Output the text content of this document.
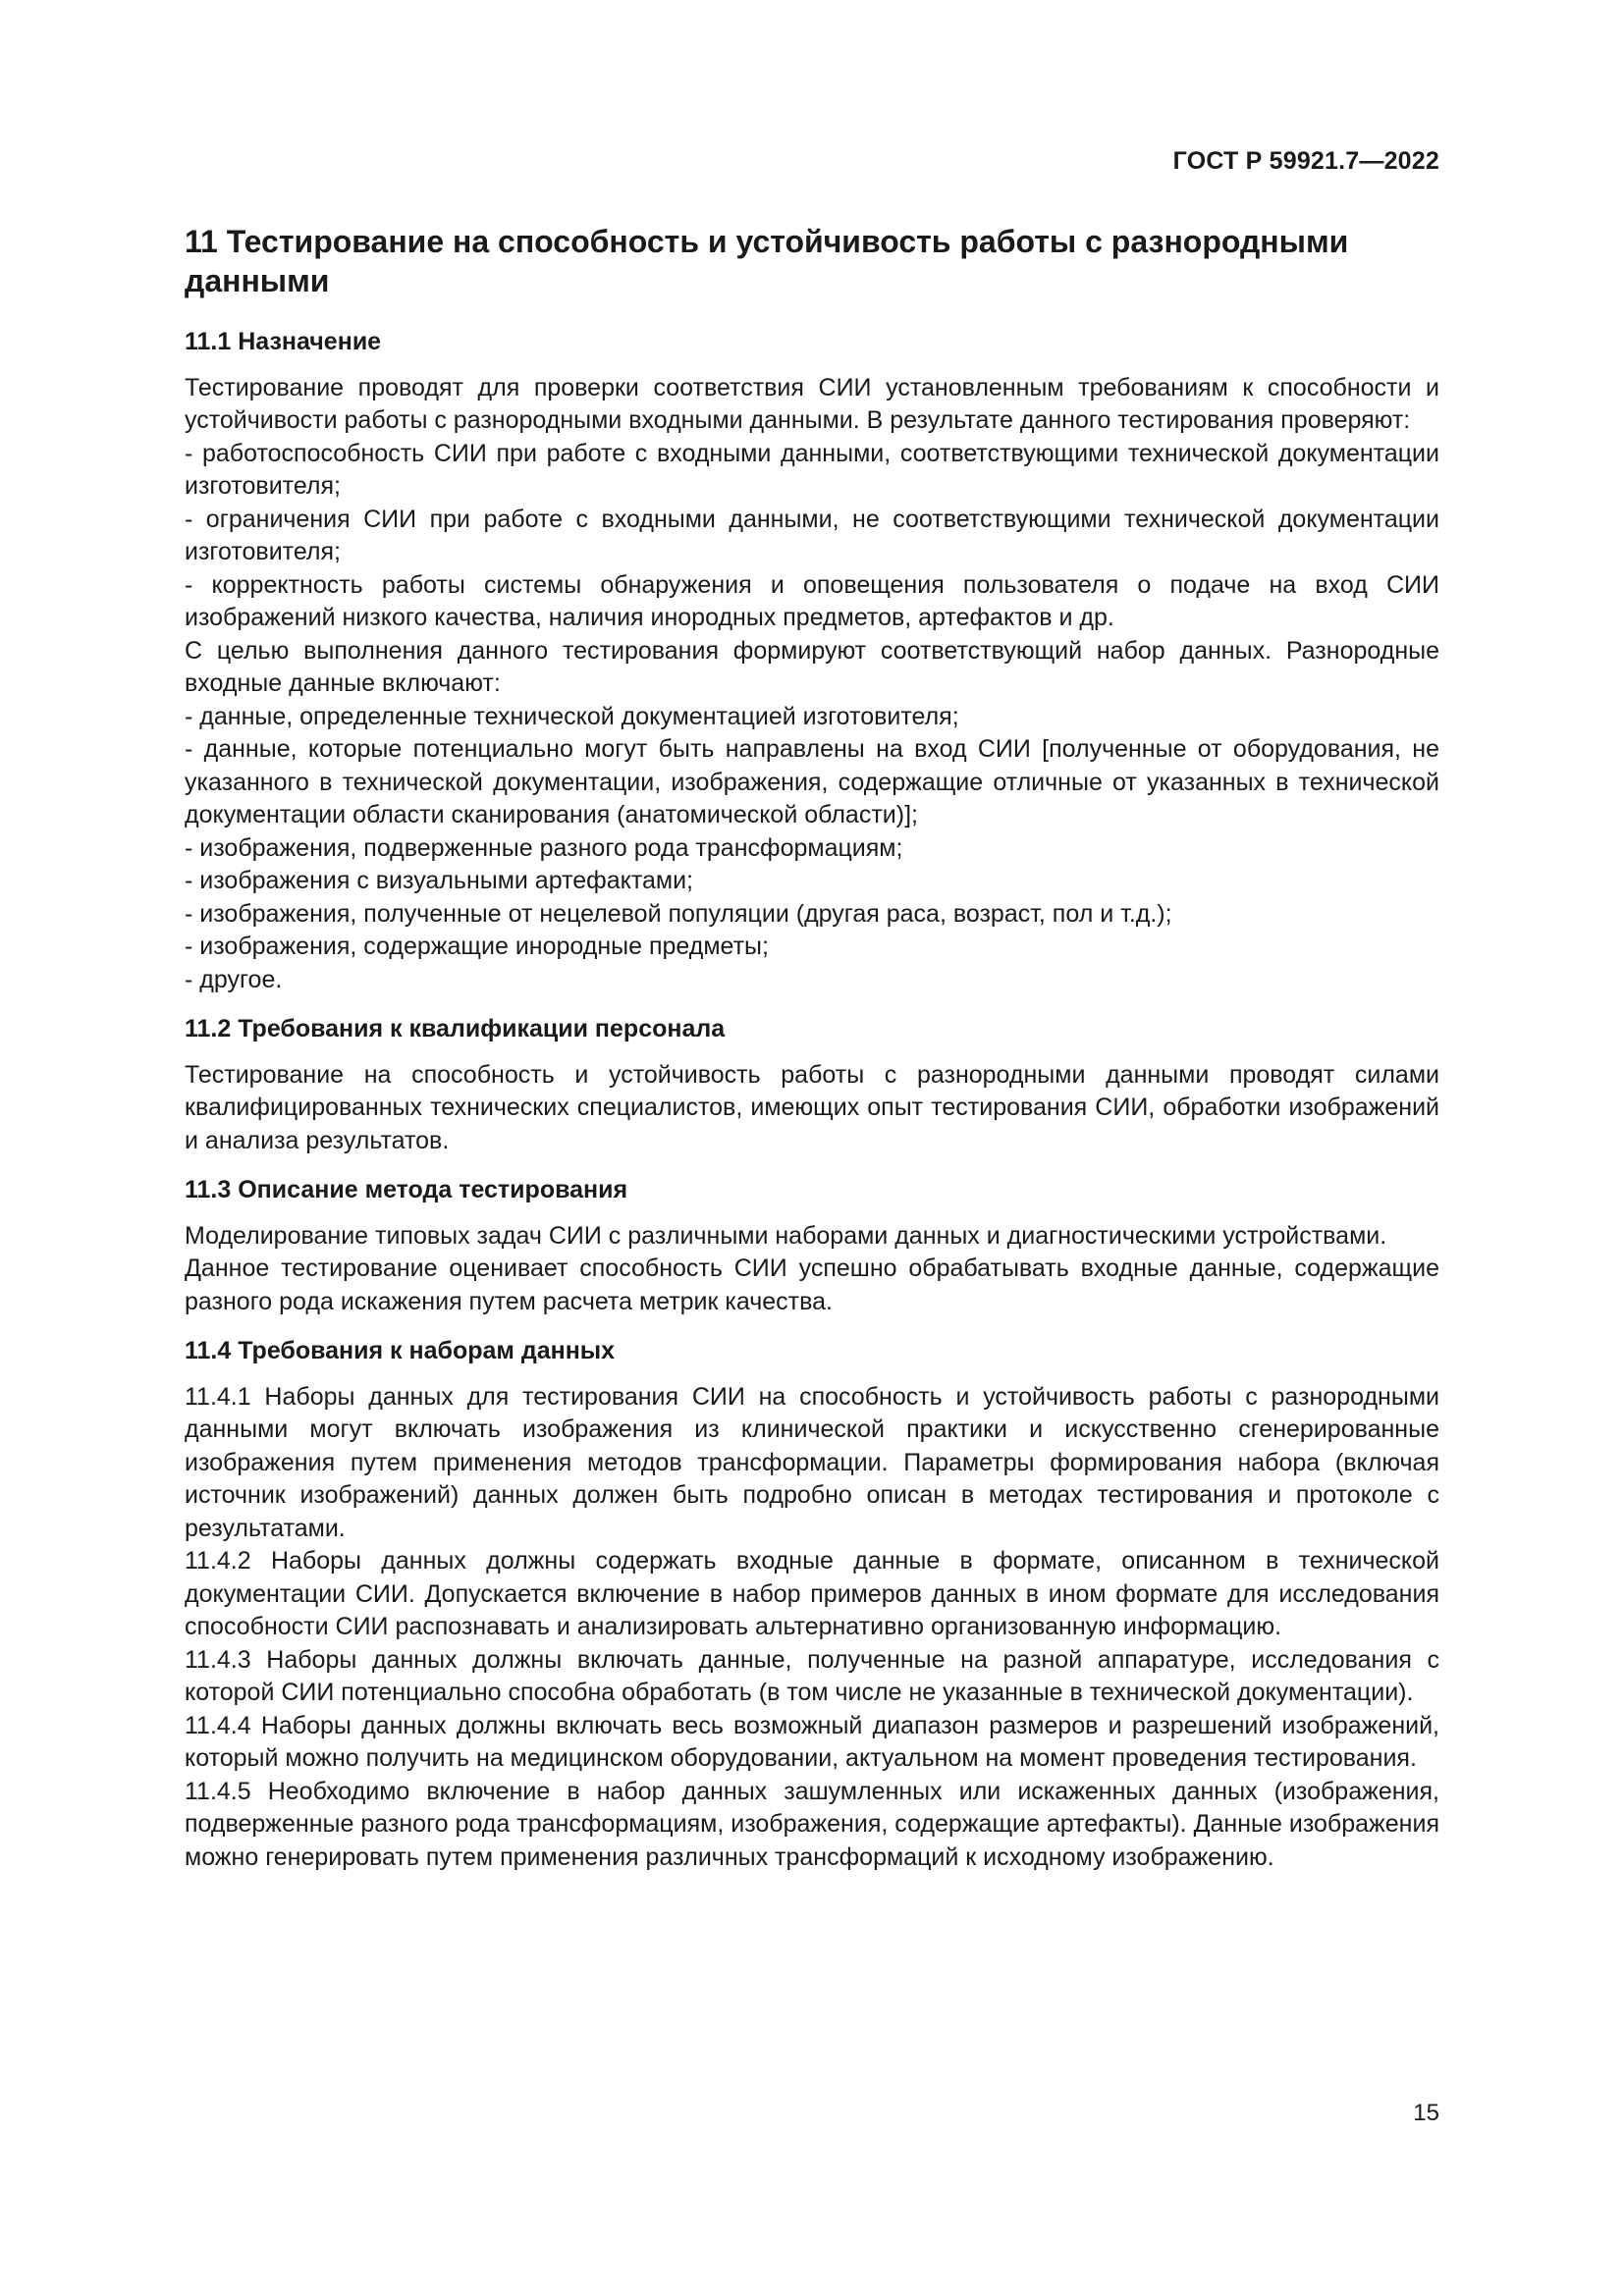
ГОСТ Р 59921.7—2022
11 Тестирование на способность и устойчивость работы с разнородными данными
11.1 Назначение

Тестирование проводят для проверки соответствия СИИ установленным требованиям к способности и устойчивости работы с разнородными входными данными. В результате данного тестирования проверяют:

- работоспособность СИИ при работе с входными данными, соответствующими технической документации изготовителя;

- ограничения СИИ при работе с входными данными, не соответствующими технической документации изготовителя;

- корректность работы системы обнаружения и оповещения пользователя о подаче на вход СИИ изображений низкого качества, наличия инородных предметов, артефактов и др.

С целью выполнения данного тестирования формируют соответствующий набор данных. Разнородные входные данные включают:

- данные, определенные технической документацией изготовителя;

- данные, которые потенциально могут быть направлены на вход СИИ [полученные от оборудования, не указанного в технической документации, изображения, содержащие отличные от указанных в технической документации области сканирования (анатомической области)];

- изображения, подверженные разного рода трансформациям;

- изображения с визуальными артефактами;

- изображения, полученные от нецелевой популяции (другая раса, возраст, пол и т.д.);

- изображения, содержащие инородные предметы;

- другое.

11.2 Требования к квалификации персонала

Тестирование на способность и устойчивость работы с разнородными данными проводят силами квалифицированных технических специалистов, имеющих опыт тестирования СИИ, обработки изображений и анализа результатов.

11.3 Описание метода тестирования

Моделирование типовых задач СИИ с различными наборами данных и диагностическими устройствами.

Данное тестирование оценивает способность СИИ успешно обрабатывать входные данные, содержащие разного рода искажения путем расчета метрик качества.

11.4 Требования к наборам данных

11.4.1 Наборы данных для тестирования СИИ на способность и устойчивость работы с разнородными данными могут включать изображения из клинической практики и искусственно сгенерированные изображения путем применения методов трансформации. Параметры формирования набора (включая источник изображений) данных должен быть подробно описан в методах тестирования и протоколе с результатами.

11.4.2 Наборы данных должны содержать входные данные в формате, описанном в технической документации СИИ. Допускается включение в набор примеров данных в ином формате для исследования способности СИИ распознавать и анализировать альтернативно организованную информацию.

11.4.3 Наборы данных должны включать данные, полученные на разной аппаратуре, исследования с которой СИИ потенциально способна обработать (в том числе не указанные в технической документации).

11.4.4 Наборы данных должны включать весь возможный диапазон размеров и разрешений изображений, который можно получить на медицинском оборудовании, актуальном на момент проведения тестирования.

11.4.5 Необходимо включение в набор данных зашумленных или искаженных данных (изображения, подверженные разного рода трансформациям, изображения, содержащие артефакты). Данные изображения можно генерировать путем применения различных трансформаций к исходному изображению.

15
